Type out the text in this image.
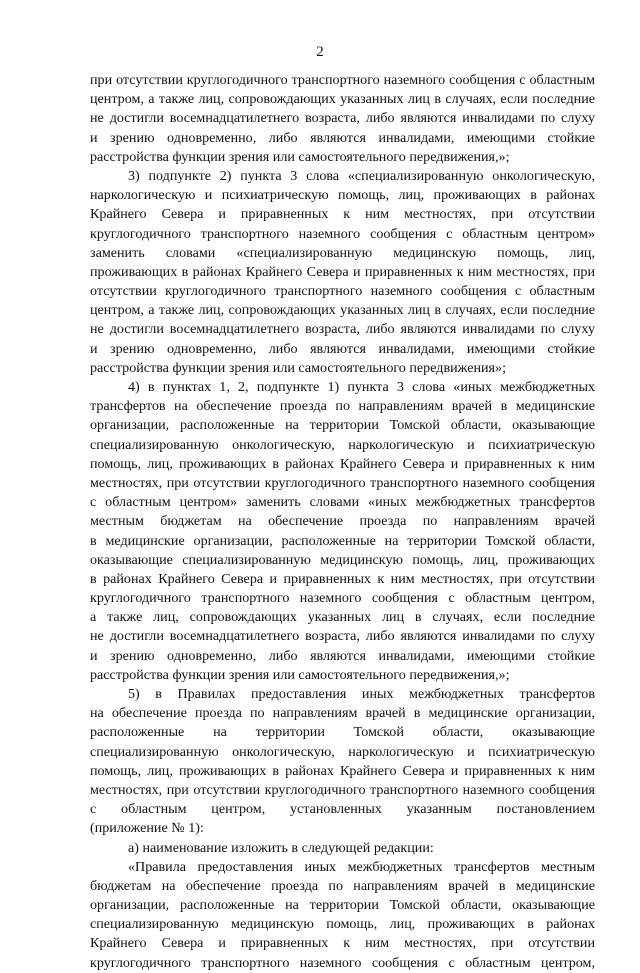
2
при отсутствии круглогодичного транспортного наземного сообщения с областным
центром, а также лиц, сопровождающих указанных лиц в случаях, если последние
не достигли восемнадцатилетнего возраста, либо являются инвалидами по слуху
и зрению одновременно, либо являются инвалидами, имеющими стойкие
расстройства функции зрения или самостоятельного передвижения,»;
3) подпункте 2) пункта 3 слова «специализированную онкологическую,
наркологическую и психиатрическую помощь, лиц, проживающих в районах
Крайнего Севера и приравненных к ним местностях, при отсутствии
круглогодичного транспортного наземного сообщения с областным центром»
заменить словами «специализированную медицинскую помощь, лиц,
проживающих в районах Крайнего Севера и приравненных к ним местностях, при
отсутствии круглогодичного транспортного наземного сообщения с областным
центром, а также лиц, сопровождающих указанных лиц в случаях, если последние
не достигли восемнадцатилетнего возраста, либо являются инвалидами по слуху
и зрению одновременно, либо являются инвалидами, имеющими стойкие
расстройства функции зрения или самостоятельного передвижения»;
4) в пунктах 1, 2, подпункте 1) пункта 3 слова «иных межбюджетных
трансфертов на обеспечение проезда по направлениям врачей в медицинские
организации, расположенные на территории Томской области, оказывающие
специализированную онкологическую, наркологическую и психиатрическую
помощь, лиц, проживающих в районах Крайнего Севера и приравненных к ним
местностях, при отсутствии круглогодичного транспортного наземного сообщения
с областным центром» заменить словами «иных межбюджетных трансфертов
местным бюджетам на обеспечение проезда по направлениям врачей
в медицинские организации, расположенные на территории Томской области,
оказывающие специализированную медицинскую помощь, лиц, проживающих
в районах Крайнего Севера и приравненных к ним местностях, при отсутствии
круглогодичного транспортного наземного сообщения с областным центром,
а также лиц, сопровождающих указанных лиц в случаях, если последние
не достигли восемнадцатилетнего возраста, либо являются инвалидами по слуху
и зрению одновременно, либо являются инвалидами, имеющими стойкие
расстройства функции зрения или самостоятельного передвижения,»;
5) в Правилах предоставления иных межбюджетных трансфертов
на обеспечение проезда по направлениям врачей в медицинские организации,
расположенные на территории Томской области, оказывающие
специализированную онкологическую, наркологическую и психиатрическую
помощь, лиц, проживающих в районах Крайнего Севера и приравненных к ним
местностях, при отсутствии круглогодичного транспортного наземного сообщения
с областным центром, установленных указанным постановлением
(приложение № 1):
а) наименование изложить в следующей редакции:
«Правила предоставления иных межбюджетных трансфертов местным
бюджетам на обеспечение проезда по направлениям врачей в медицинские
организации, расположенные на территории Томской области, оказывающие
специализированную медицинскую помощь, лиц, проживающих в районах
Крайнего Севера и приравненных к ним местностях, при отсутствии
круглогодичного транспортного наземного сообщения с областным центром,
